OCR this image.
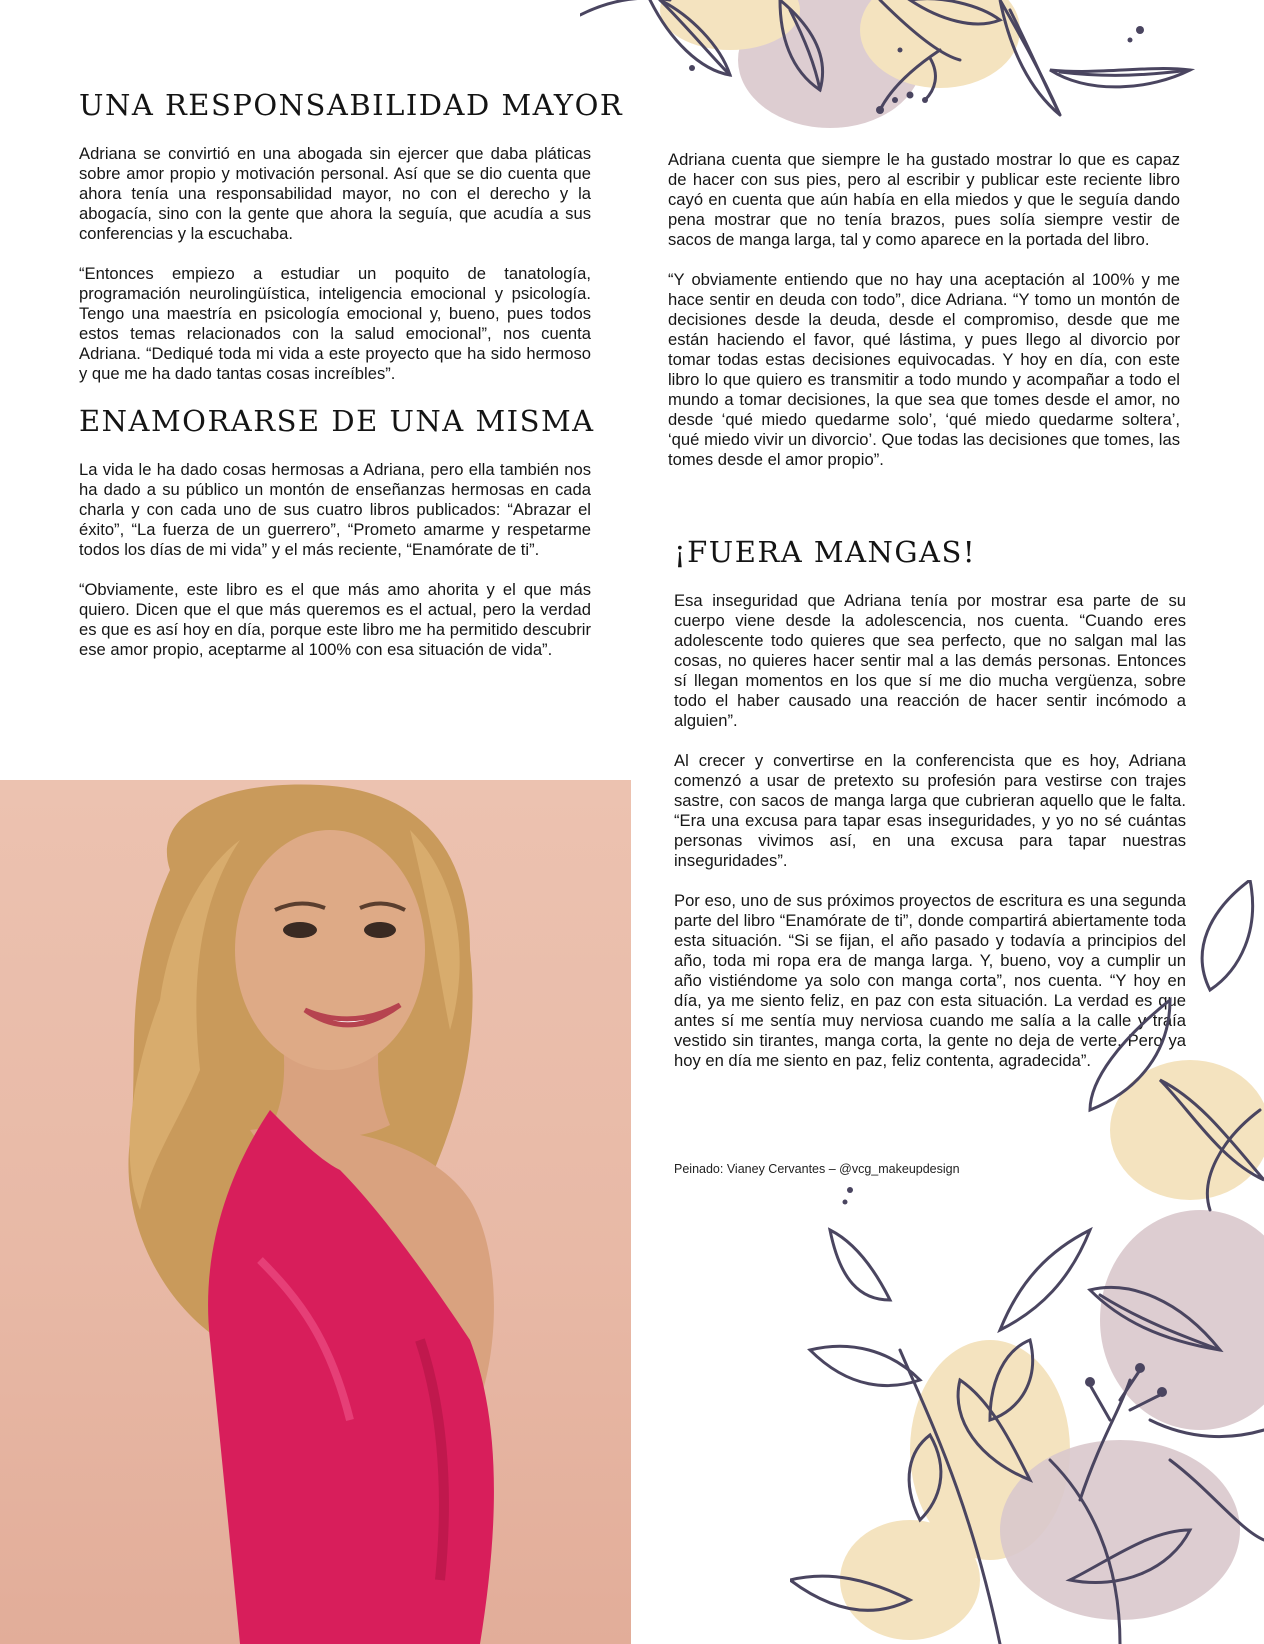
UNA RESPONSABILIDAD MAYOR

Adriana se convirtió en una abogada sin ejercer que daba pláticas sobre amor propio y motivación personal. Así que se dio cuenta que ahora tenía una responsabilidad mayor, no con el derecho y la abogacía, sino con la gente que ahora la seguía, que acudía a sus conferencias y la escuchaba.

“Entonces empiezo a estudiar un poquito de tanatología, programación neurolingüística, inteligencia emocional y psicología. Tengo una maestría en psicología emocional y, bueno, pues todos estos temas relacionados con la salud emocional”, nos cuenta Adriana. “Dediqué toda mi vida a este proyecto que ha sido hermoso y que me ha dado tantas cosas increíbles”.

ENAMORARSE DE UNA MISMA

La vida le ha dado cosas hermosas a Adriana, pero ella también nos ha dado a su público un montón de enseñanzas hermosas en cada charla y con cada uno de sus cuatro libros publicados: “Abrazar el éxito”, “La fuerza de un guerrero”, “Prometo amarme y respetarme todos los días de mi vida” y el más reciente, “Enamórate de ti”.

“Obviamente, este libro es el que más amo ahorita y el que más quiero. Dicen que el que más queremos es el actual, pero la verdad es que es así hoy en día, porque este libro me ha permitido descubrir ese amor propio, aceptarme al 100% con esa situación de vida”.

Adriana cuenta que siempre le ha gustado mostrar lo que es capaz de hacer con sus pies, pero al escribir y publicar este reciente libro cayó en cuenta que aún había en ella miedos y que le seguía dando pena mostrar que no tenía brazos, pues solía siempre vestir de sacos de manga larga, tal y como aparece en la portada del libro.

“Y obviamente entiendo que no hay una aceptación al 100% y me hace sentir en deuda con todo”, dice Adriana. “Y tomo un montón de decisiones desde la deuda, desde el compromiso, desde que me están haciendo el favor, qué lástima, y pues llego al divorcio por tomar todas estas decisiones equivocadas. Y hoy en día, con este libro lo que quiero es transmitir a todo mundo y acompañar a todo el mundo a tomar decisiones, la que sea que tomes desde el amor, no desde ‘qué miedo quedarme solo’, ‘qué miedo quedarme soltera’, ‘qué miedo vivir un divorcio’. Que todas las decisiones que tomes, las tomes desde el amor propio”.

¡FUERA MANGAS!

Esa inseguridad que Adriana tenía por mostrar esa parte de su cuerpo viene desde la adolescencia, nos cuenta. “Cuando eres adolescente todo quieres que sea perfecto, que no salgan mal las cosas, no quieres hacer sentir mal a las demás personas. Entonces sí llegan momentos en los que sí me dio mucha vergüenza, sobre todo el haber causado una reacción de hacer sentir incómodo a alguien”.

Al crecer y convertirse en la conferencista que es hoy, Adriana comenzó a usar de pretexto su profesión para vestirse con trajes sastre, con sacos de manga larga que cubrieran aquello que le falta. “Era una excusa para tapar esas inseguridades, y yo no sé cuántas personas vivimos así, en una excusa para tapar nuestras inseguridades”.

Por eso, uno de sus próximos proyectos de escritura es una segunda parte del libro “Enamórate de ti”, donde compartirá abiertamente toda esta situación. “Si se fijan, el año pasado y todavía a principios del año, toda mi ropa era de manga larga. Y, bueno, voy a cumplir un año vistiéndome ya solo con manga corta”, nos cuenta. “Y hoy en día, ya me siento feliz, en paz con esta situación. La verdad es que antes sí me sentía muy nerviosa cuando me salía a la calle y traía vestido sin tirantes, manga corta, la gente no deja de verte. Pero ya hoy en día me siento en paz, feliz contenta, agradecida”.

Peinado: Vianey Cervantes – @vcg_makeupdesign
